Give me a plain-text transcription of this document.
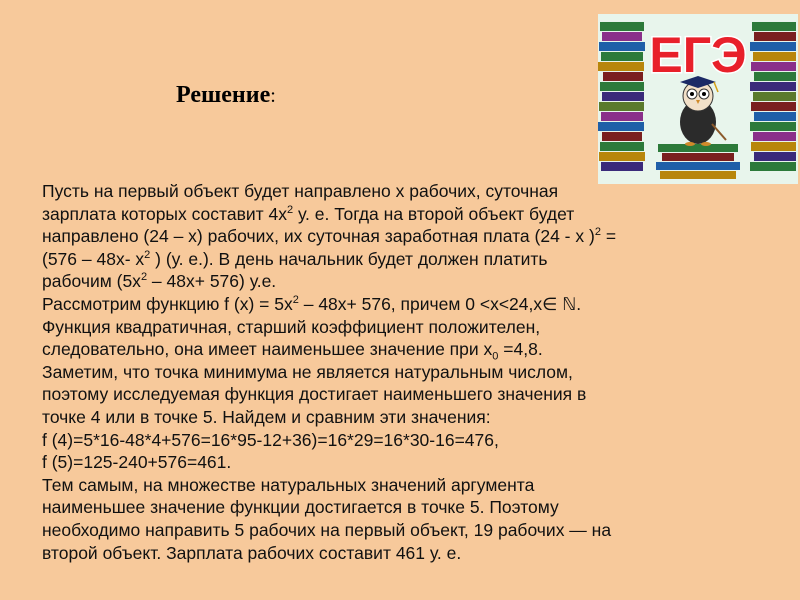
Решение:
Пусть на первый объект будет направлено х рабочих, суточная
зарплата которых составит $4х^2$ у. е. Тогда на второй объект будет
направлено (24 – х) рабочих, их суточная заработная плата (24 - х )$^2$ =
(576 – 48х- $х^2$ ) (у. е.). В день начальник будет должен платить
рабочим $(5х^2 - 48х+ 576)$ у.е.
Рассмотрим функцию f $(х) = 5х^2 - 48х+ 576$, причем 0 <x<24,x∈ ℕ.
Функция квадратичная, старший коэффициент положителен,
следовательно, она имеет наименьшее значение при $х_0 =4,8$.
Заметим, что точка минимума не является натуральным числом,
поэтому исследуемая функция достигает наименьшего значения в
точке 4 или в точке 5. Найдем и сравним эти значения:
f (4)=5*16-48*4+576=16*95-12+36)=16*29=16*30-16=476,
f (5)=125-240+576=461.
Тем самым, на множестве натуральных значений аргумента
наименьшее значение функции достигается в точке 5. Поэтому
необходимо направить 5 рабочих на первый объект, 19 рабочих — на
второй объект. Зарплата рабочих составит 461 у. е.
ЕГЭ
